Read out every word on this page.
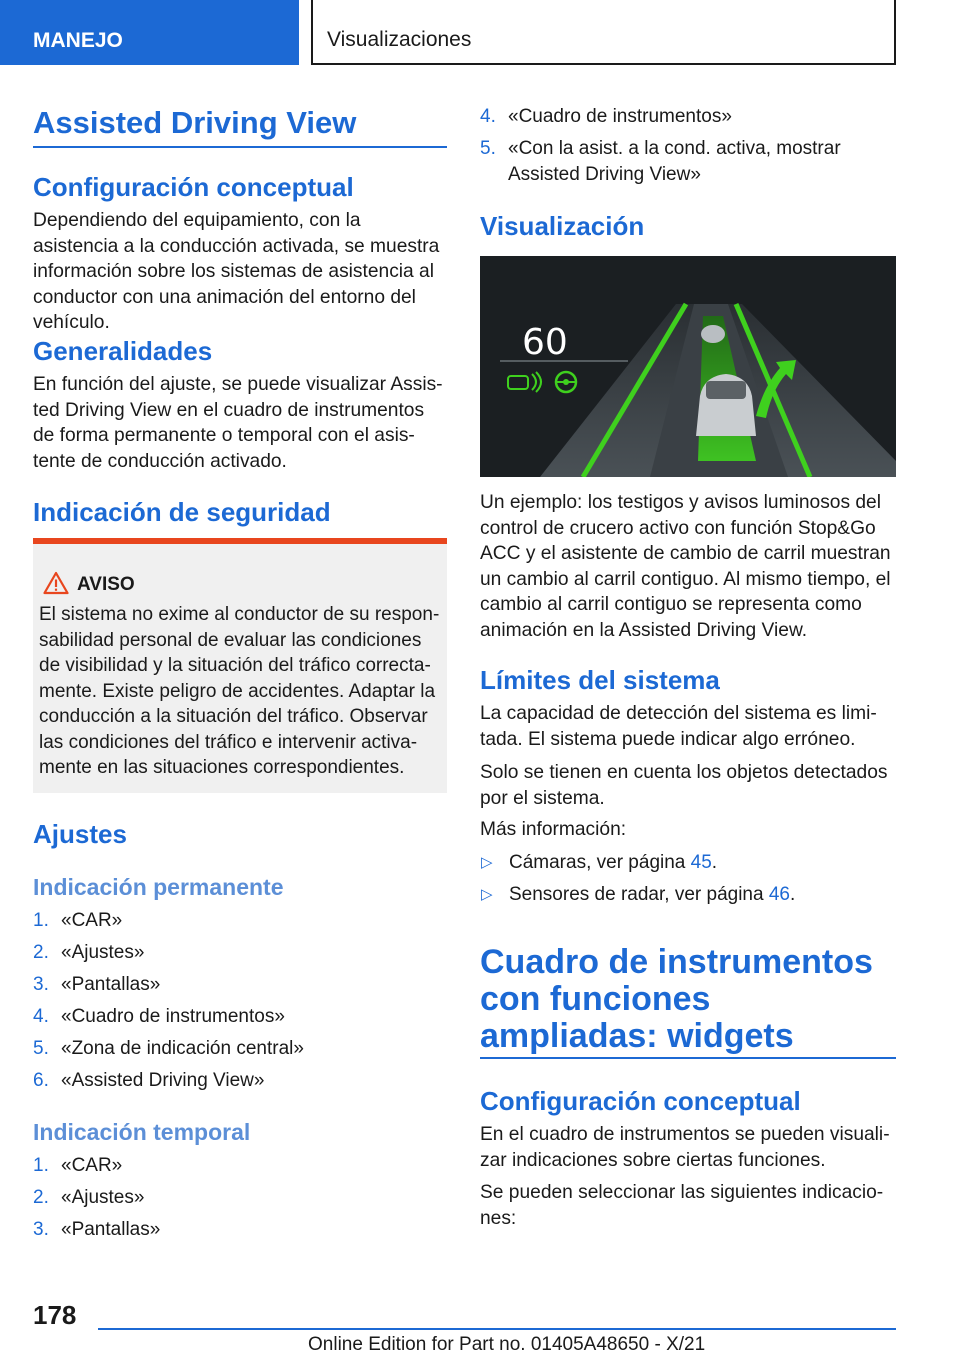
MANEJO	Visualizaciones
Assisted Driving View
Configuración conceptual
Dependiendo del equipamiento, con la asistencia a la conducción activada, se muestra información sobre los sistemas de asistencia al conductor con una animación del entorno del vehículo.
Generalidades
En función del ajuste, se puede visualizar Assisted Driving View en el cuadro de instrumentos de forma permanente o temporal con el asistente de conducción activado.
Indicación de seguridad
AVISO
El sistema no exime al conductor de su responsabilidad personal de evaluar las condiciones de visibilidad y la situación del tráfico correctamente. Existe peligro de accidentes. Adaptar la conducción a la situación del tráfico. Observar las condiciones del tráfico e intervenir activamente en las situaciones correspondientes.
Ajustes
Indicación permanente
1. «CAR»
2. «Ajustes»
3. «Pantallas»
4. «Cuadro de instrumentos»
5. «Zona de indicación central»
6. «Assisted Driving View»
Indicación temporal
1. «CAR»
2. «Ajustes»
3. «Pantallas»
4. «Cuadro de instrumentos»
5. «Con la asist. a la cond. activa, mostrar Assisted Driving View»
Visualización
60
Un ejemplo: los testigos y avisos luminosos del control de crucero activo con función Stop&Go ACC y el asistente de cambio de carril muestran un cambio al carril contiguo. Al mismo tiempo, el cambio al carril contiguo se representa como animación en la Assisted Driving View.
Límites del sistema
La capacidad de detección del sistema es limitada. El sistema puede indicar algo erróneo.
Solo se tienen en cuenta los objetos detectados por el sistema.
Más información:
▷ Cámaras, ver página 45.
▷ Sensores de radar, ver página 46.
Cuadro de instrumentos con funciones ampliadas: widgets
Configuración conceptual
En el cuadro de instrumentos se pueden visualizar indicaciones sobre ciertas funciones.
Se pueden seleccionar las siguientes indicaciones:
178
Online Edition for Part no. 01405A48650 - X/21
